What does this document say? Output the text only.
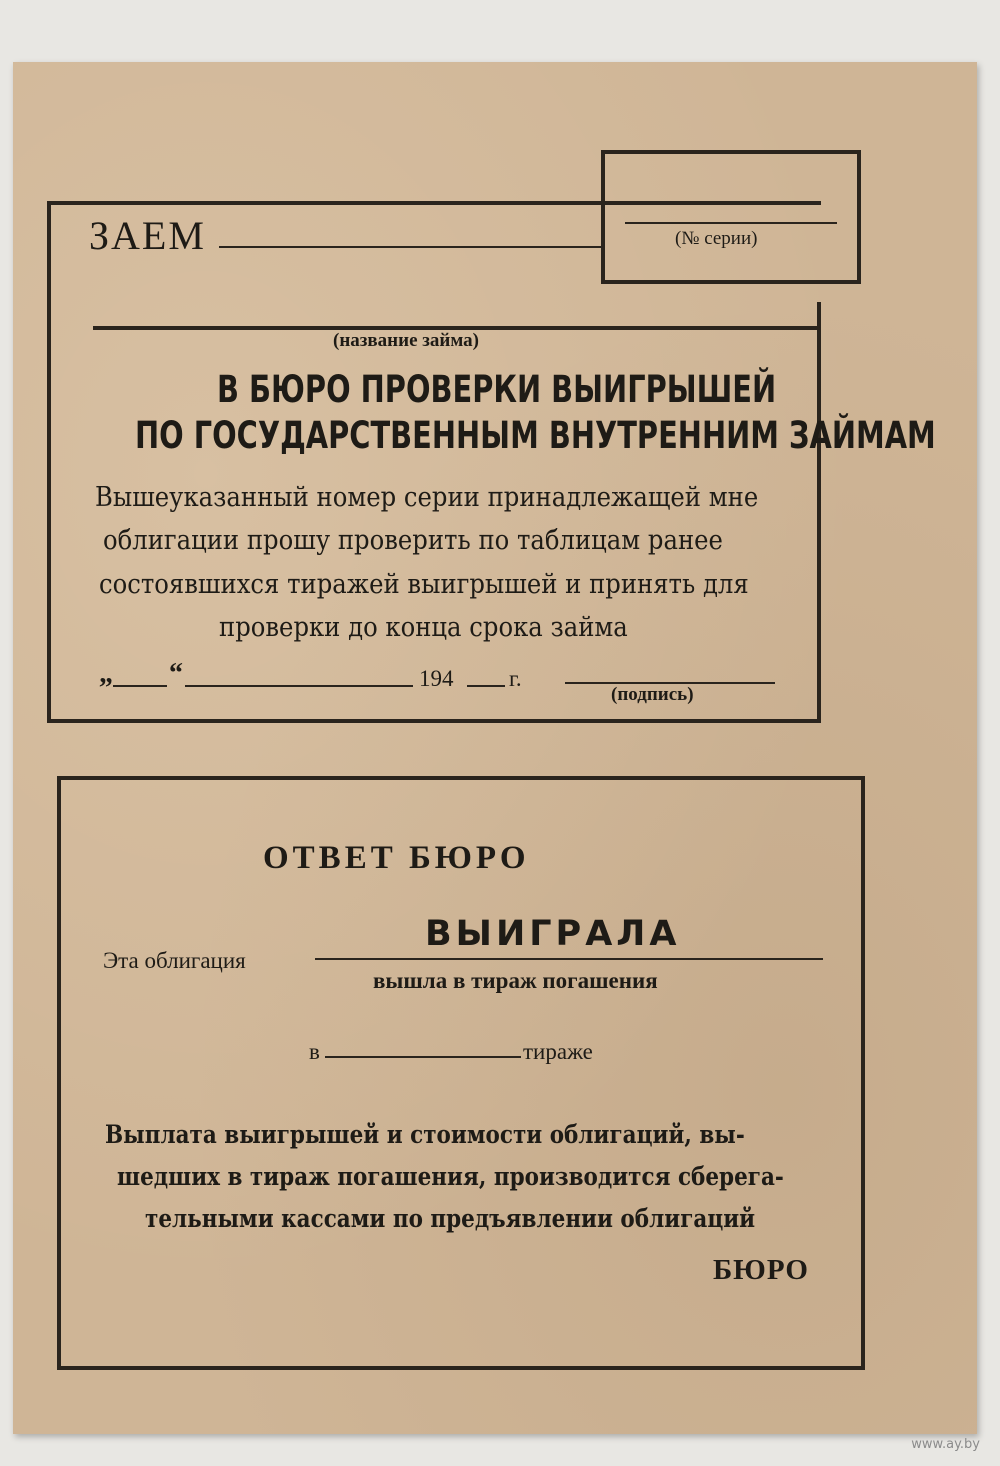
(№ серии)
ЗАЕМ
(название займа)
В БЮРО ПРОВЕРКИ ВЫИГРЫШЕЙ
ПО ГОСУДАРСТВЕННЫМ ВНУТРЕННИМ ЗАЙМАМ
Вышеуказанный номер серии принадлежащей мне
облигации прошу проверить по таблицам ранее
состоявшихся тиражей выигрышей и принять для
проверки до конца срока займа
„ “	194 г.
(подпись)
ОТВЕТ БЮРО
Эта облигация
ВЫИГРАЛА
вышла в тираж погашения
в	тираже
Выплата выигрышей и стоимости облигаций, вы-
шедших в тираж погашения, производится сберега-
тельными кассами по предъявлении облигаций
БЮРО
www.ay.by
